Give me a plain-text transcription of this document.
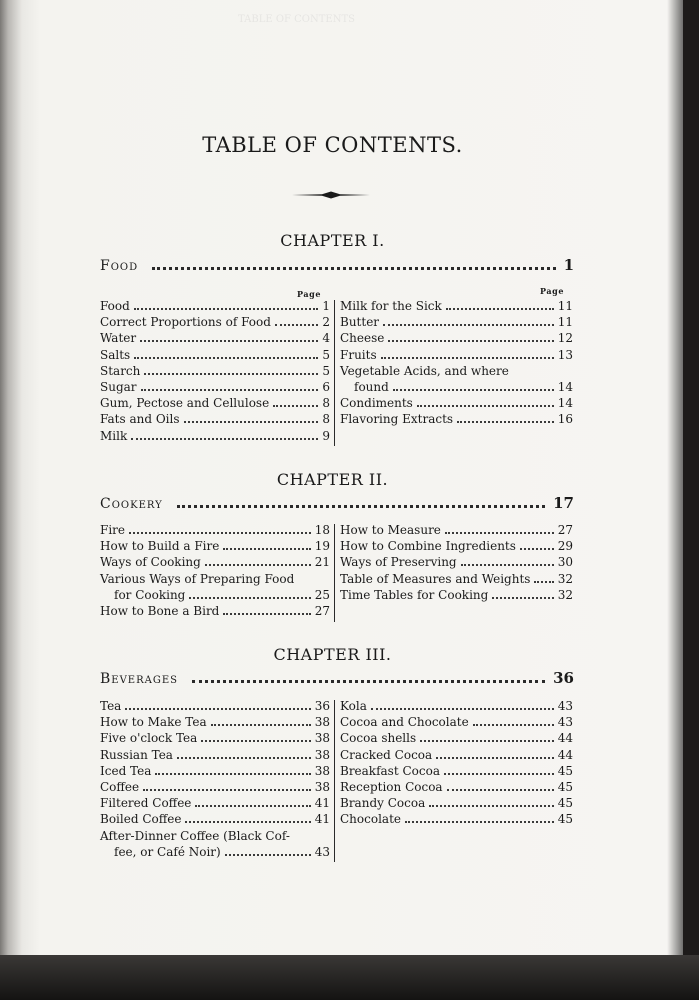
TABLE OF CONTENTS
TABLE OF CONTENTS.
CHAPTER I.
Food	1
Page	Page
Food	1
Correct Proportions of Food	2
Water	4
Salts	5
Starch	5
Sugar	6
Gum, Pectose and Cellulose	8
Fats and Oils	8
Milk	9
Milk for the Sick	11
Butter	11
Cheese	12
Fruits	13
Vegetable Acids, and where
found	14
Condiments	14
Flavoring Extracts	16
CHAPTER II.
Cookery	17
Fire	18
How to Build a Fire	19
Ways of Cooking	21
Various Ways of Preparing Food
for Cooking	25
How to Bone a Bird	27
How to Measure	27
How to Combine Ingredients	29
Ways of Preserving	30
Table of Measures and Weights 32
Time Tables for Cooking	32
CHAPTER III.
Beverages	36
Tea	36
How to Make Tea	38
Five o'clock Tea	38
Russian Tea	38
Iced Tea	38
Coffee	38
Filtered Coffee	41
Boiled Coffee	41
After-Dinner Coffee (Black Cof-
fee, or Café Noir)	43
Kola	43
Cocoa and Chocolate	43
Cocoa shells	44
Cracked Cocoa	44
Breakfast Cocoa	45
Reception Cocoa	45
Brandy Cocoa	45
Chocolate	45
